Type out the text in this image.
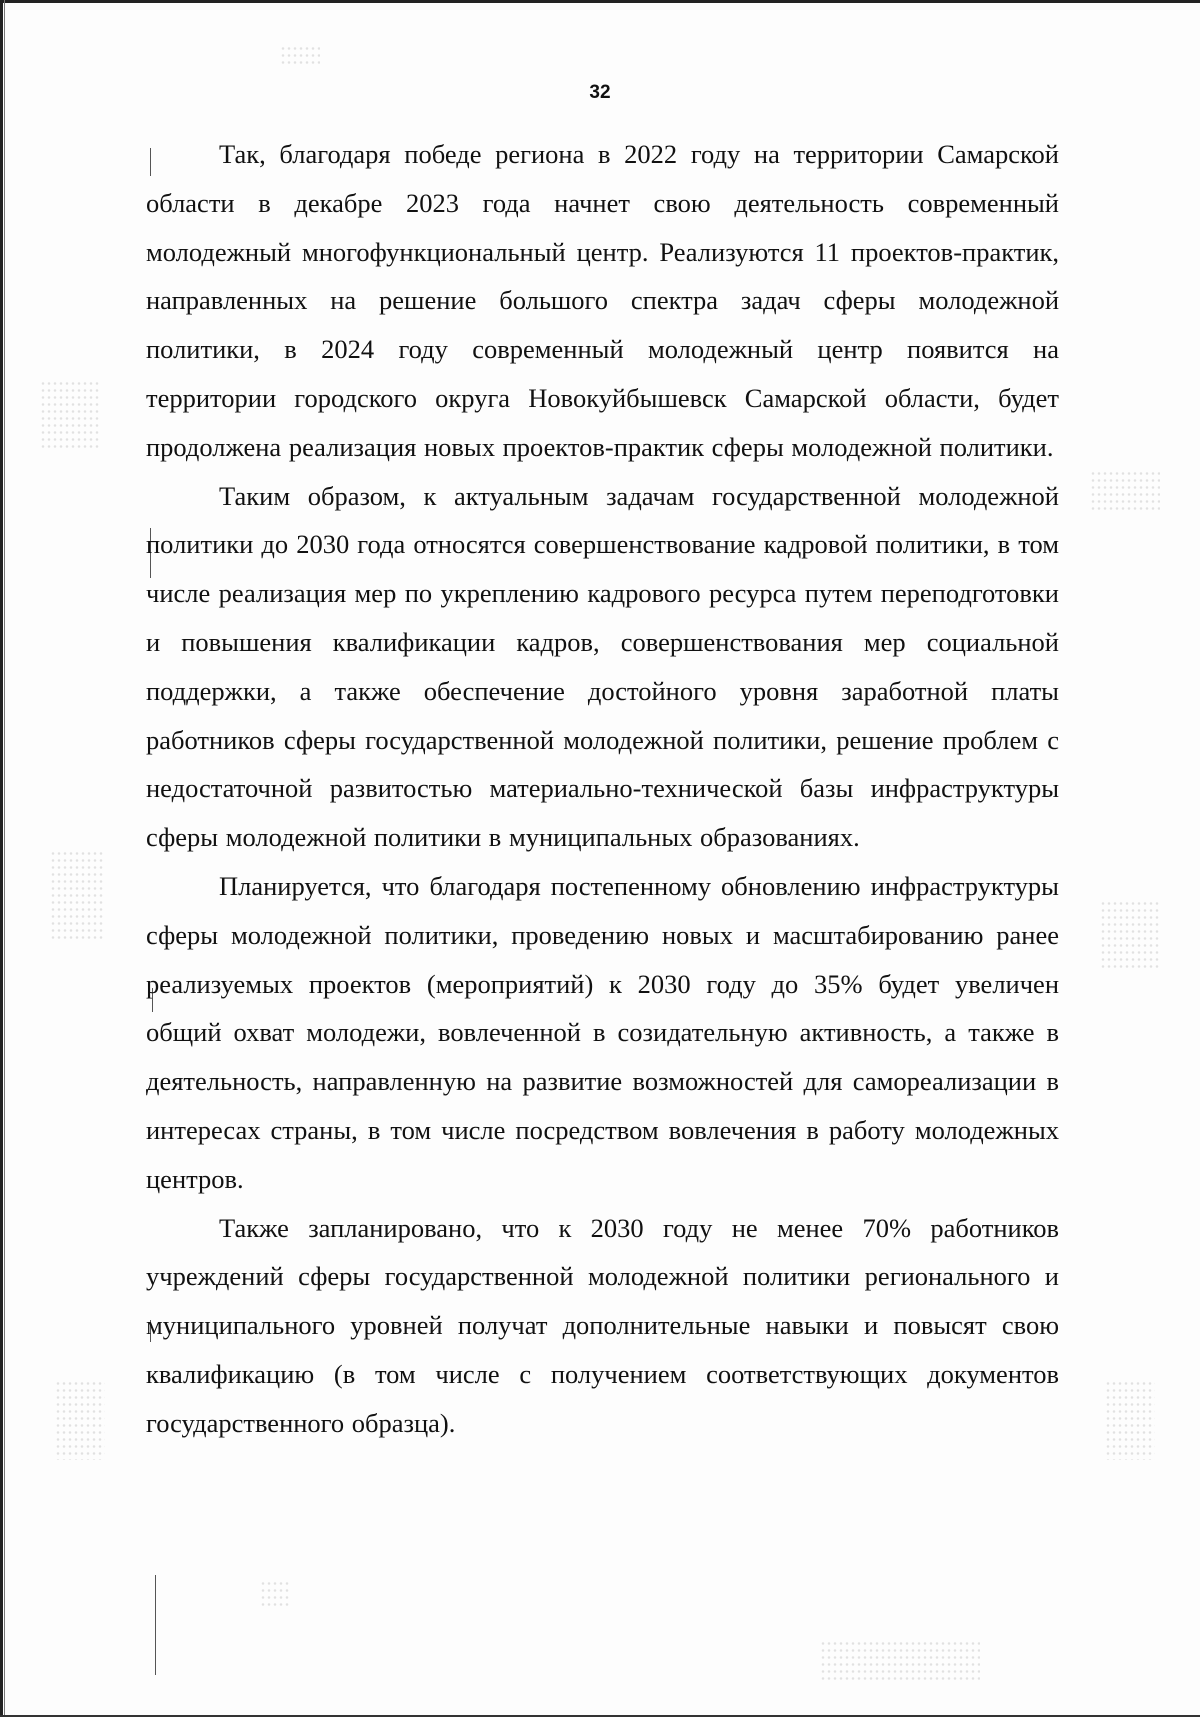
32

Так, благодаря победе региона в 2022 году на территории Самарской области в декабре 2023 года начнет свою деятельность современный молодежный многофункциональный центр. Реализуются 11 проектов-практик, направленных на решение большого спектра задач сферы молодежной политики, в 2024 году современный молодежный центр появится на территории городского округа Новокуйбышевск Самарской области, будет продолжена реализация новых проектов-практик сферы молодежной политики.

Таким образом, к актуальным задачам государственной молодежной политики до 2030 года относятся совершенствование кадровой политики, в том числе реализация мер по укреплению кадрового ресурса путем переподготовки и повышения квалификации кадров, совершенствования мер социальной поддержки, а также обеспечение достойного уровня заработной платы работников сферы государственной молодежной политики, решение проблем с недостаточной развитостью материально-технической базы инфраструктуры сферы молодежной политики в муниципальных образованиях.

Планируется, что благодаря постепенному обновлению инфраструктуры сферы молодежной политики, проведению новых и масштабированию ранее реализуемых проектов (мероприятий) к 2030 году до 35% будет увеличен общий охват молодежи, вовлеченной в созидательную активность, а также в деятельность, направленную на развитие возможностей для самореализации в интересах страны, в том числе посредством вовлечения в работу молодежных центров.

Также запланировано, что к 2030 году не менее 70% работников учреждений сферы государственной молодежной политики регионального и муниципального уровней получат дополнительные навыки и повысят свою квалификацию (в том числе с получением соответствующих документов государственного образца).
